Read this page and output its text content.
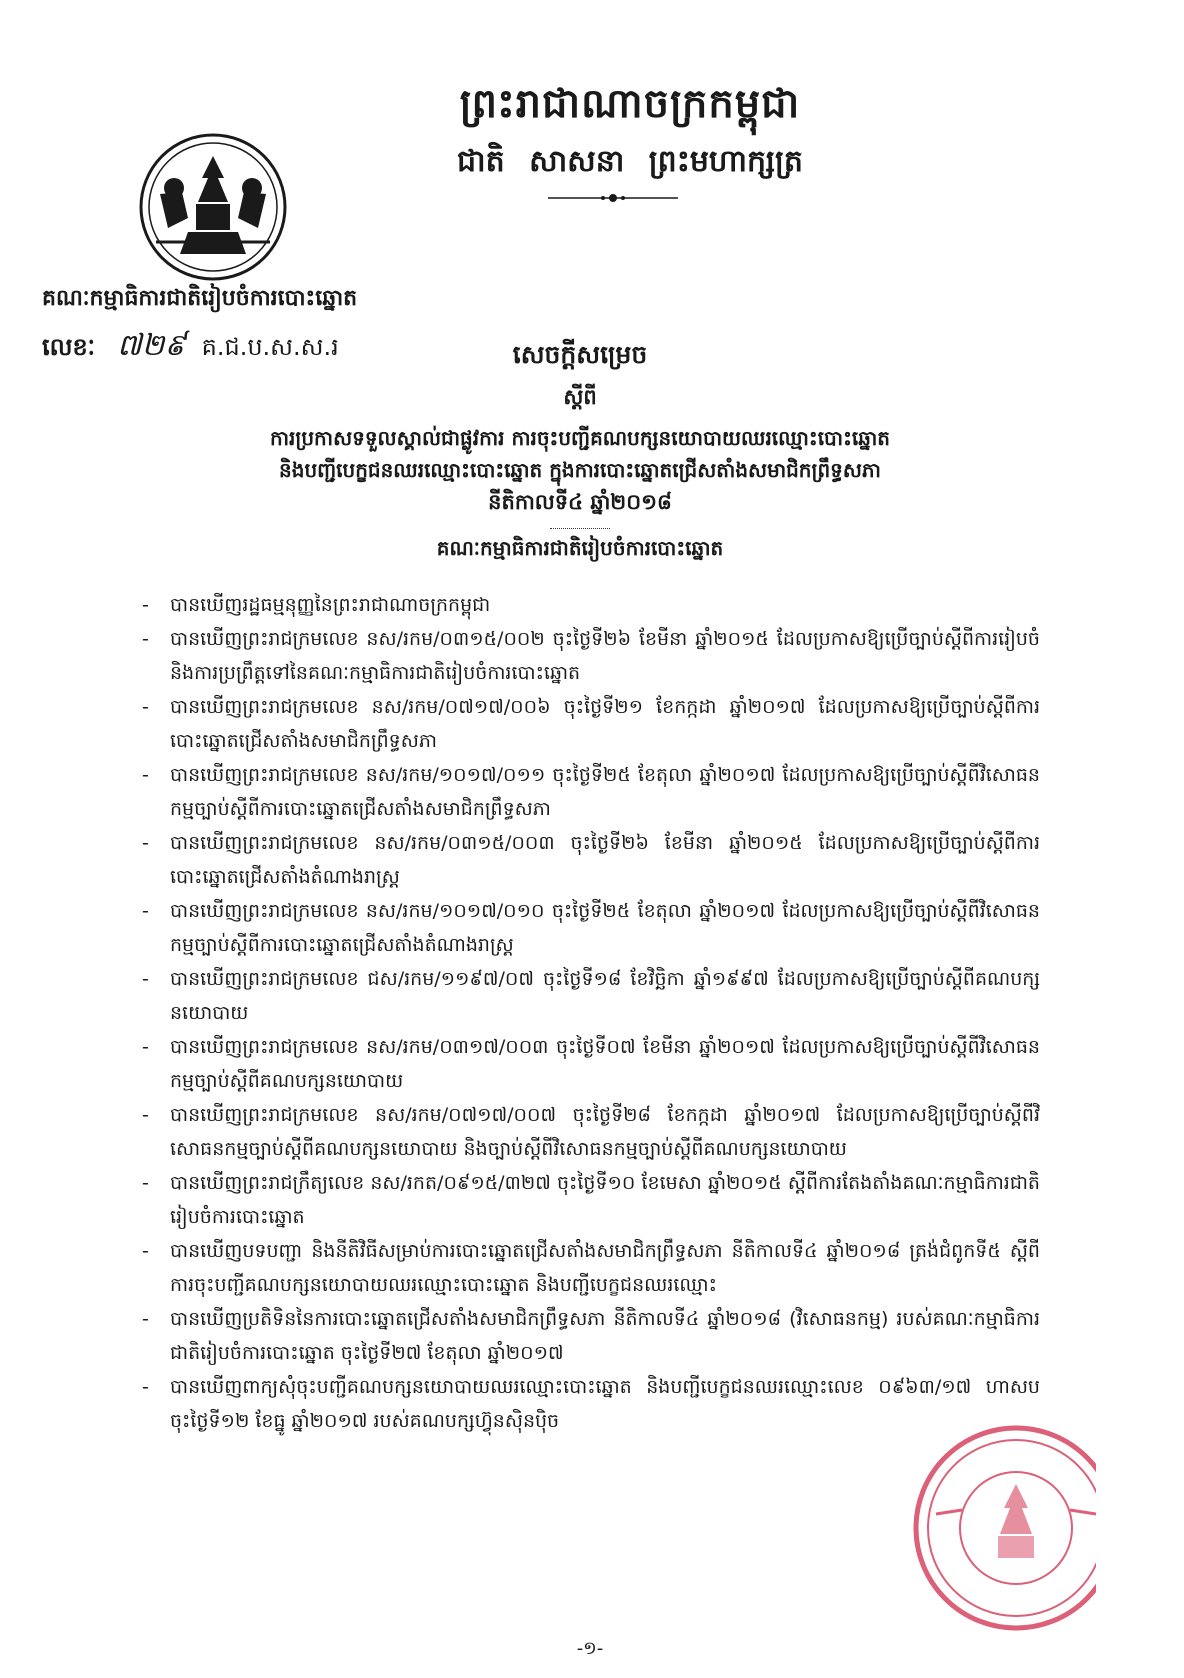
ព្រះរាជាណាចក្រកម្ពុជា
ជាតិ សាសនា ព្រះមហាក្សត្រ
គណៈកម្មាធិការជាតិរៀបចំការបោះឆ្នោត
លេខៈ ៧២៩ គ.ជ.ប.ស.ស.រ	សេចក្តីសម្រេច
ស្តីពី
ការប្រកាសទទួលស្គាល់ជាផ្លូវការ ការចុះបញ្ជីគណបក្សនយោបាយឈរឈ្មោះបោះឆ្នោត
និងបញ្ជីបេក្ខជនឈរឈ្មោះបោះឆ្នោត ក្នុងការបោះឆ្នោតជ្រើសតាំងសមាជិកព្រឹទ្ធសភា
នីតិកាលទី៤ ឆ្នាំ២០១៨
គណៈកម្មាធិការជាតិរៀបចំការបោះឆ្នោត
- បានឃើញរដ្ឋធម្មនុញ្ញនៃព្រះរាជាណាចក្រកម្ពុជា
- បានឃើញព្រះរាជក្រមលេខ នស/រកម/០៣១៥/០០២ ចុះថ្ងៃទី២៦ ខែមីនា ឆ្នាំ២០១៥ ដែលប្រកាសឱ្យប្រើច្បាប់ស្តីពីការរៀបចំ និងការប្រព្រឹត្តទៅនៃគណៈកម្មាធិការជាតិរៀបចំការបោះឆ្នោត
- បានឃើញព្រះរាជក្រមលេខ នស/រកម/០៧១៧/០០៦ ចុះថ្ងៃទី២១ ខែកក្កដា ឆ្នាំ២០១៧ ដែលប្រកាសឱ្យប្រើច្បាប់ស្តីពីការបោះឆ្នោតជ្រើសតាំងសមាជិកព្រឹទ្ធសភា
- បានឃើញព្រះរាជក្រមលេខ នស/រកម/១០១៧/០១១ ចុះថ្ងៃទី២៥ ខែតុលា ឆ្នាំ២០១៧ ដែលប្រកាសឱ្យប្រើច្បាប់ស្តីពីវិសោធនកម្មច្បាប់ស្តីពីការបោះឆ្នោតជ្រើសតាំងសមាជិកព្រឹទ្ធសភា
- បានឃើញព្រះរាជក្រមលេខ នស/រកម/០៣១៥/០០៣ ចុះថ្ងៃទី២៦ ខែមីនា ឆ្នាំ២០១៥ ដែលប្រកាសឱ្យប្រើច្បាប់ស្តីពីការបោះឆ្នោតជ្រើសតាំងតំណាងរាស្ត្រ
- បានឃើញព្រះរាជក្រមលេខ នស/រកម/១០១៧/០១០ ចុះថ្ងៃទី២៥ ខែតុលា ឆ្នាំ២០១៧ ដែលប្រកាសឱ្យប្រើច្បាប់ស្តីពីវិសោធនកម្មច្បាប់ស្តីពីការបោះឆ្នោតជ្រើសតាំងតំណាងរាស្ត្រ
- បានឃើញព្រះរាជក្រមលេខ ជស/រកម/១១៩៧/០៧ ចុះថ្ងៃទី១៨ ខែវិច្ឆិកា ឆ្នាំ១៩៩៧ ដែលប្រកាសឱ្យប្រើច្បាប់ស្តីពីគណបក្សនយោបាយ
- បានឃើញព្រះរាជក្រមលេខ នស/រកម/០៣១៧/០០៣ ចុះថ្ងៃទី០៧ ខែមីនា ឆ្នាំ២០១៧ ដែលប្រកាសឱ្យប្រើច្បាប់ស្តីពីវិសោធនកម្មច្បាប់ស្តីពីគណបក្សនយោបាយ
- បានឃើញព្រះរាជក្រមលេខ នស/រកម/០៧១៧/០០៧ ចុះថ្ងៃទី២៨ ខែកក្កដា ឆ្នាំ២០១៧ ដែលប្រកាសឱ្យប្រើច្បាប់ស្តីពីវិសោធនកម្មច្បាប់ស្តីពីគណបក្សនយោបាយ និងច្បាប់ស្តីពីវិសោធនកម្មច្បាប់ស្តីពីគណបក្សនយោបាយ
- បានឃើញព្រះរាជក្រឹត្យលេខ នស/រកត/០៩១៥/៣២៧ ចុះថ្ងៃទី១០ ខែមេសា ឆ្នាំ២០១៥ ស្តីពីការតែងតាំងគណៈកម្មាធិការជាតិរៀបចំការបោះឆ្នោត
- បានឃើញបទបញ្ជា និងនីតិវិធីសម្រាប់ការបោះឆ្នោតជ្រើសតាំងសមាជិកព្រឹទ្ធសភា នីតិកាលទី៤ ឆ្នាំ២០១៨ ត្រង់ជំពូកទី៥ ស្តីពីការចុះបញ្ជីគណបក្សនយោបាយឈរឈ្មោះបោះឆ្នោត និងបញ្ជីបេក្ខជនឈរឈ្មោះ
- បានឃើញប្រតិទិននៃការបោះឆ្នោតជ្រើសតាំងសមាជិកព្រឹទ្ធសភា នីតិកាលទី៤ ឆ្នាំ២០១៨ (វិសោធនកម្ម) របស់គណៈកម្មាធិការជាតិរៀបចំការបោះឆ្នោត ចុះថ្ងៃទី២៧ ខែតុលា ឆ្នាំ២០១៧
- បានឃើញពាក្យសុំចុះបញ្ជីគណបក្សនយោបាយឈរឈ្មោះបោះឆ្នោត និងបញ្ជីបេក្ខជនឈរឈ្មោះលេខ ០៩៦៣/១៧ ហាសប ចុះថ្ងៃទី១២ ខែធ្នូ ឆ្នាំ២០១៧ របស់គណបក្សហ៊្វុនស៊ិនប៉ិច
-១-
